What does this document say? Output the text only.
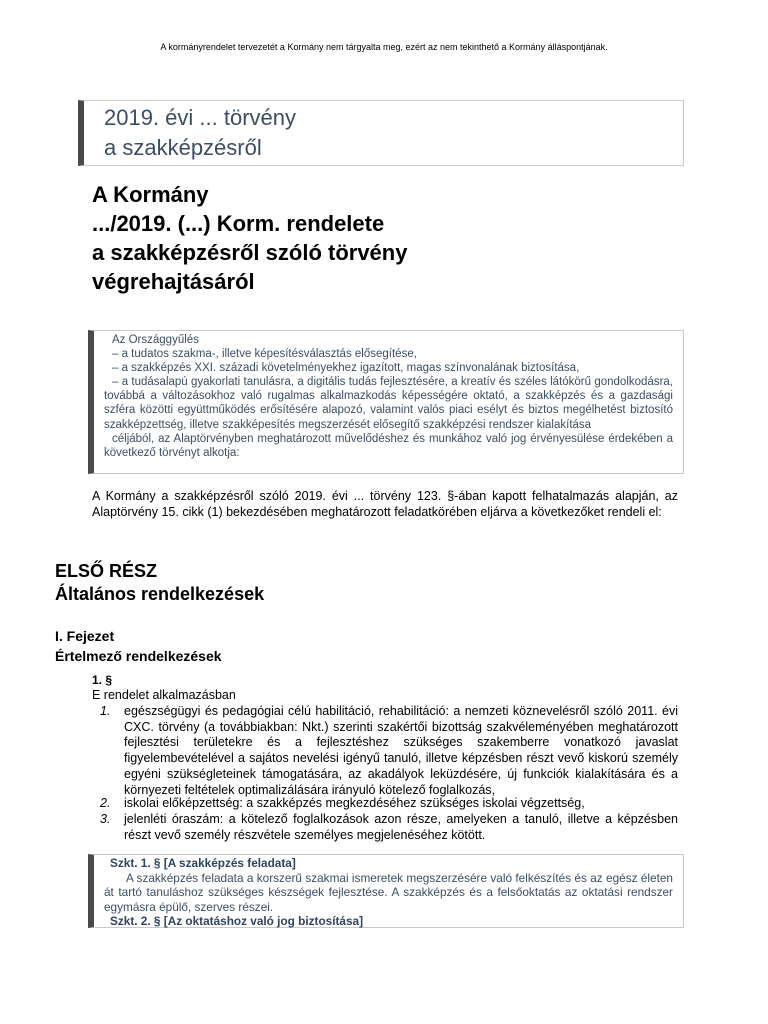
A kormányrendelet tervezetét a Kormány nem tárgyalta meg, ezért az nem tekinthető a Kormány álláspontjának.
2019. évi ... törvény
a szakképzésről
A Kormány
.../2019. (...) Korm. rendelete
a szakképzésről szóló törvény
végrehajtásáról
Az Országgyűlés
– a tudatos szakma-, illetve képesítésválasztás elősegítése,
– a szakképzés XXI. századi követelményekhez igazított, magas színvonalának biztosítása,
– a tudásalapú gyakorlati tanulásra, a digitális tudás fejlesztésére, a kreatív és széles látókörű gondolkodásra, továbbá a változásokhoz való rugalmas alkalmazkodás képességére oktató, a szakképzés és a gazdasági szféra közötti együttműködés erősítésére alapozó, valamint valós piaci esélyt és biztos megélhetést biztosító szakképzettség, illetve szakképesítés megszerzését elősegítő szakképzési rendszer kialakítása
céljából, az Alaptörvényben meghatározott művelődéshez és munkához való jog érvényesülése érdekében a következő törvényt alkotja:
A Kormány a szakképzésről szóló 2019. évi ... törvény 123. §-ában kapott felhatalmazás alapján, az Alaptörvény 15. cikk (1) bekezdésében meghatározott feladatkörében eljárva a következőket rendeli el:
ELSŐ RÉSZ
Általános rendelkezések
I. Fejezet
Értelmező rendelkezések
1. §
E rendelet alkalmazásban
1.	egészségügyi és pedagógiai célú habilitáció, rehabilitáció: a nemzeti köznevelésről szóló 2011. évi CXC. törvény (a továbbiakban: Nkt.) szerinti szakértői bizottság szakvéleményében meghatározott fejlesztési területekre és a fejlesztéshez szükséges szakemberre vonatkozó javaslat figyelembevételével a sajátos nevelési igényű tanuló, illetve képzésben részt vevő kiskorú személy egyéni szükségleteinek támogatására, az akadályok leküzdésére, új funkciók kialakítására és a környezeti feltételek optimalizálására irányuló kötelező foglalkozás,
2.	iskolai előképzettség: a szakképzés megkezdéséhez szükséges iskolai végzettség,
3.	jelenléti óraszám: a kötelező foglalkozások azon része, amelyeken a tanuló, illetve a képzésben részt vevő személy részvétele személyes megjelenéséhez kötött.
Szkt. 1. § [A szakképzés feladata]
A szakképzés feladata a korszerű szakmai ismeretek megszerzésére való felkészítés és az egész életen át tartó tanuláshoz szükséges készségek fejlesztése. A szakképzés és a felsőoktatás az oktatási rendszer egymásra épülő, szerves részei.
Szkt. 2. § [Az oktatáshoz való jog biztosítása]
